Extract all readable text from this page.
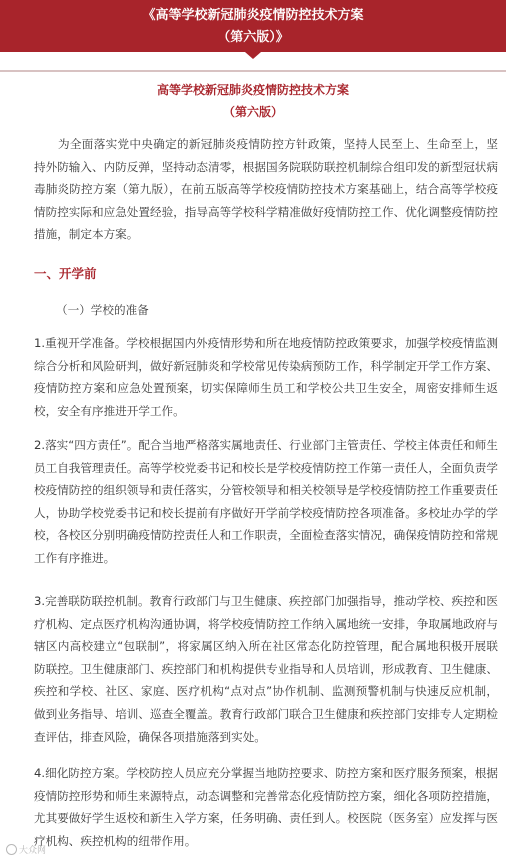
《高等学校新冠肺炎疫情防控技术方案
（第六版）》
高等学校新冠肺炎疫情防控技术方案
（第六版）

为全面落实党中央确定的新冠肺炎疫情防控方针政策，坚持人民至上、生命至上，坚持外防输入、内防反弹，坚持动态清零，根据国务院联防联控机制综合组印发的新型冠状病毒肺炎防控方案（第九版），在前五版高等学校疫情防控技术方案基础上，结合高等学校疫情防控实际和应急处置经验，指导高等学校科学精准做好疫情防控工作、优化调整疫情防控措施，制定本方案。

一、开学前
（一）学校的准备

1.重视开学准备。学校根据国内外疫情形势和所在地疫情防控政策要求，加强学校疫情监测综合分析和风险研判，做好新冠肺炎和学校常见传染病预防工作，科学制定开学工作方案、疫情防控方案和应急处置预案，切实保障师生员工和学校公共卫生安全，周密安排师生返校，安全有序推进开学工作。

2.落实“四方责任”。配合当地严格落实属地责任、行业部门主管责任、学校主体责任和师生员工自我管理责任。高等学校党委书记和校长是学校疫情防控工作第一责任人，全面负责学校疫情防控的组织领导和责任落实，分管校领导和相关校领导是学校疫情防控工作重要责任人，协助学校党委书记和校长提前有序做好开学前学校疫情防控各项准备。多校址办学的学校，各校区分别明确疫情防控责任人和工作职责，全面检查落实情况，确保疫情防控和常规工作有序推进。

3.完善联防联控机制。教育行政部门与卫生健康、疾控部门加强指导，推动学校、疾控和医疗机构、定点医疗机构沟通协调，将学校疫情防控工作纳入属地统一安排，争取属地政府与辖区内高校建立“包联制”，将家属区纳入所在社区常态化防控管理，配合属地积极开展联防联控。卫生健康部门、疾控部门和机构提供专业指导和人员培训，形成教育、卫生健康、疾控和学校、社区、家庭、医疗机构“点对点”协作机制、监测预警机制与快速反应机制，做到业务指导、培训、巡查全覆盖。教育行政部门联合卫生健康和疾控部门安排专人定期检查评估，排查风险，确保各项措施落到实处。

4.细化防控方案。学校防控人员应充分掌握当地防控要求、防控方案和医疗服务预案，根据疫情防控形势和师生来源特点，动态调整和完善常态化疫情防控方案，细化各项防控措施，尤其要做好学生返校和新生入学方案，任务明确、责任到人。校医院（医务室）应发挥与医疗机构、疾控机构的纽带作用。

大众网
